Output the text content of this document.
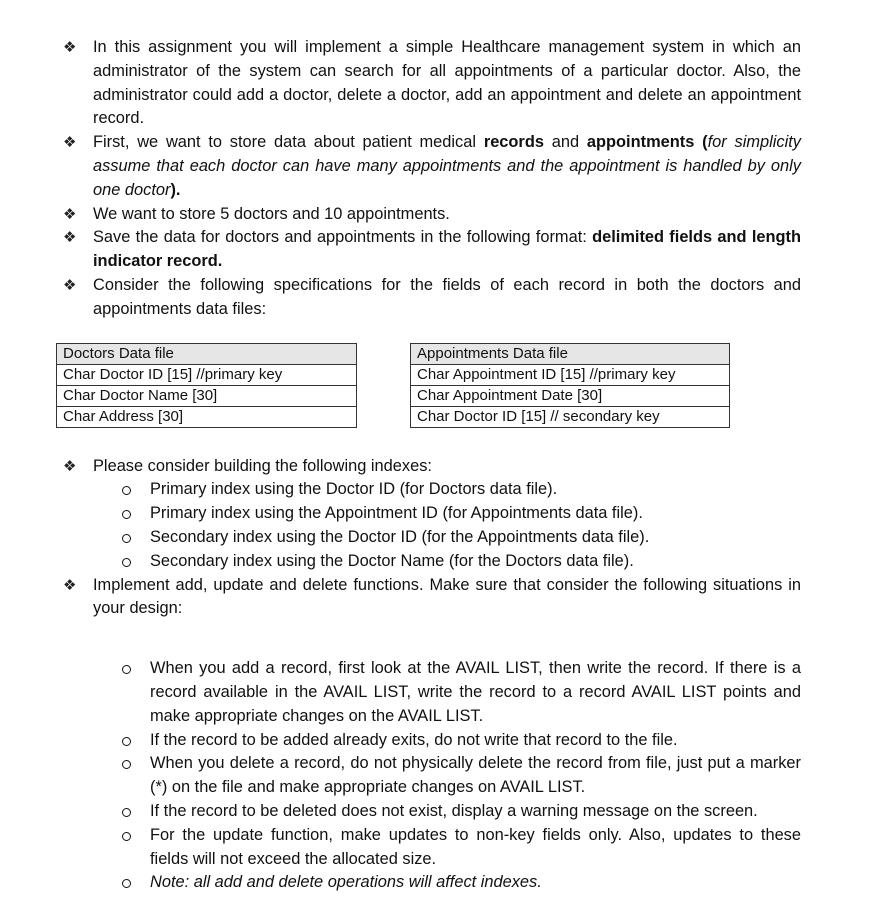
❖ In this assignment you will implement a simple Healthcare management system in which an administrator of the system can search for all appointments of a particular doctor. Also, the administrator could add a doctor, delete a doctor, add an appointment and delete an appointment record.

❖ First, we want to store data about patient medical records and appointments (for simplicity assume that each doctor can have many appointments and the appointment is handled by only one doctor).

❖ We want to store 5 doctors and 10 appointments.

❖ Save the data for doctors and appointments in the following format: delimited fields and length indicator record.

❖ Consider the following specifications for the fields of each record in both the doctors and appointments data files:

Doctors Data file
Char Doctor ID [15] //primary key
Char Doctor Name [30]
Char Address [30]
Appointments Data file
Char Appointment ID [15] //primary key
Char Appointment Date [30]
Char Doctor ID [15] // secondary key

❖ Please consider building the following indexes:

Primary index using the Doctor ID (for Doctors data file).

Primary index using the Appointment ID (for Appointments data file).

Secondary index using the Doctor ID (for the Appointments data file).

Secondary index using the Doctor Name (for the Doctors data file).

❖ Implement add, update and delete functions. Make sure that consider the following situations in your design:

When you add a record, first look at the AVAIL LIST, then write the record. If there is a record available in the AVAIL LIST, write the record to a record AVAIL LIST points and make appropriate changes on the AVAIL LIST.

If the record to be added already exits, do not write that record to the file.

When you delete a record, do not physically delete the record from file, just put a marker (*) on the file and make appropriate changes on AVAIL LIST.

If the record to be deleted does not exist, display a warning message on the screen.

For the update function, make updates to non-key fields only. Also, updates to these fields will not exceed the allocated size.

Note: all add and delete operations will affect indexes.
